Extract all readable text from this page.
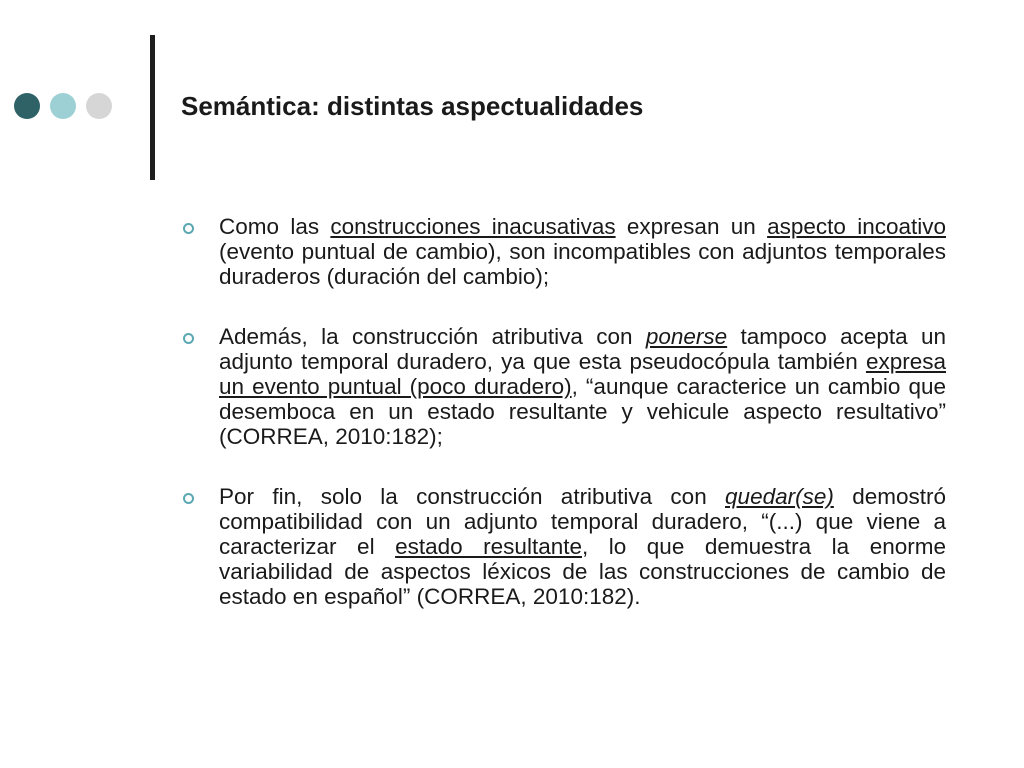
Semántica: distintas aspectualidades
Como las construcciones inacusativas expresan un aspecto incoativo (evento puntual de cambio), son incompatibles con adjuntos temporales duraderos (duración del cambio);
Además, la construcción atributiva con ponerse tampoco acepta un adjunto temporal duradero, ya que esta pseudocópula también expresa un evento puntual (poco duradero), “aunque caracterice un cambio que desemboca en un estado resultante y vehicule aspecto resultativo” (CORREA, 2010:182);
Por fin, solo la construcción atributiva con quedar(se) demostró compatibilidad con un adjunto temporal duradero, “(...) que viene a caracterizar el estado resultante, lo que demuestra la enorme variabilidad de aspectos léxicos de las construcciones de cambio de estado en español” (CORREA, 2010:182).
